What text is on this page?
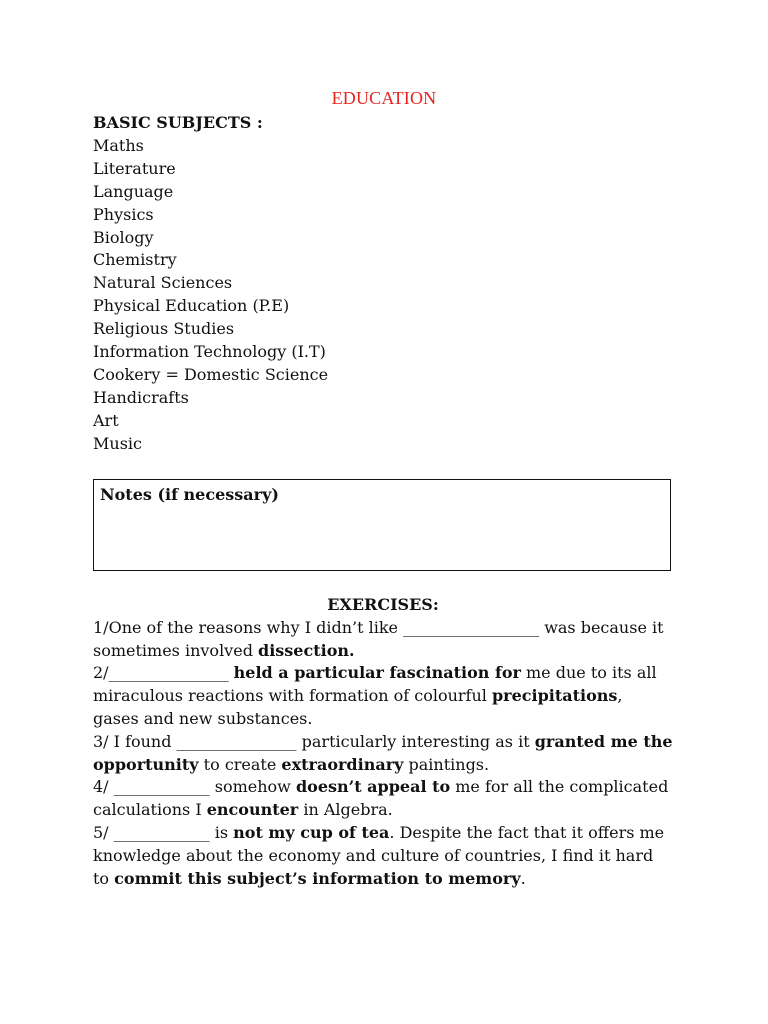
EDUCATION
BASIC SUBJECTS :
Maths
Literature
Language
Physics
Biology
Chemistry
Natural Sciences
Physical Education (P.E)
Religious Studies
Information Technology (I.T)
Cookery = Domestic Science
Handicrafts
Art
Music
Notes (if necessary)
EXERCISES:
1/One of the reasons why I didn’t like _________________ was because it sometimes involved dissection.
2/_______________ held a particular fascination for me due to its all miraculous reactions with formation of colourful precipitations, gases and new substances.
3/ I found _______________ particularly interesting as it granted me the opportunity to create extraordinary paintings.
4/ ____________ somehow doesn’t appeal to me for all the complicated calculations I encounter in Algebra.
5/ ____________ is not my cup of tea. Despite the fact that it offers me knowledge about the economy and culture of countries, I find it hard to commit this subject’s information to memory.
